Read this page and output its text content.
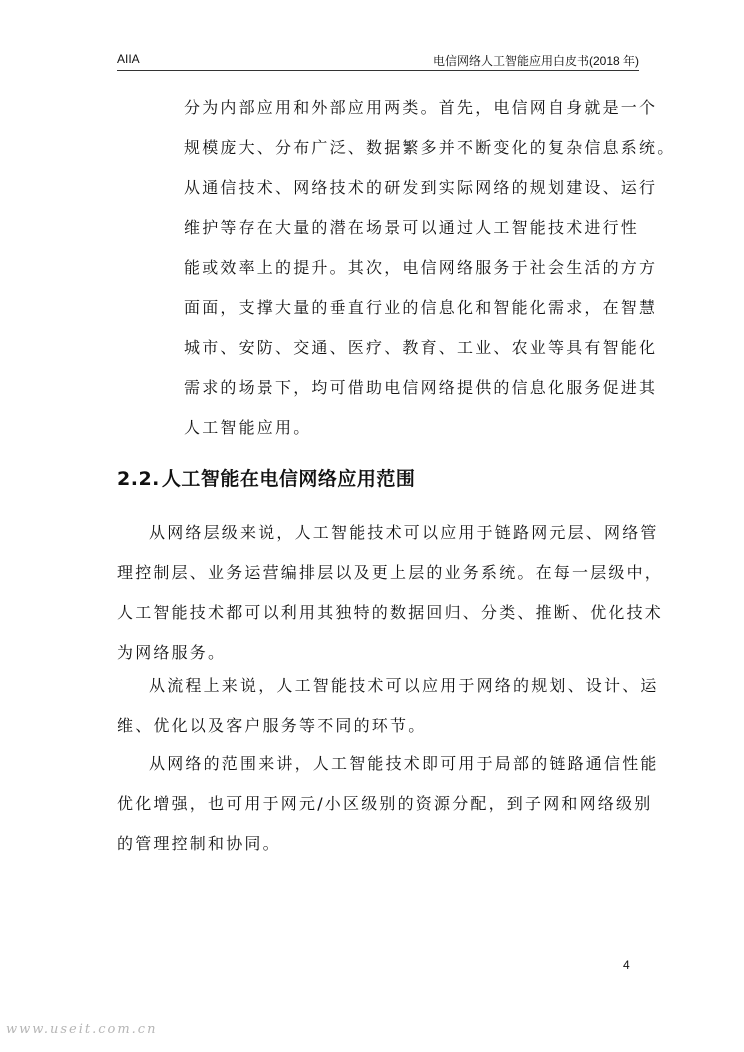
AIIA	电信网络人工智能应用白皮书(2018 年)
分为内部应用和外部应用两类。首先，电信网自身就是一个
规模庞大、分布广泛、数据繁多并不断变化的复杂信息系统。
从通信技术、网络技术的研发到实际网络的规划建设、运行
维护等存在大量的潜在场景可以通过人工智能技术进行性
能或效率上的提升。其次，电信网络服务于社会生活的方方
面面，支撑大量的垂直行业的信息化和智能化需求，在智慧
城市、安防、交通、医疗、教育、工业、农业等具有智能化
需求的场景下，均可借助电信网络提供的信息化服务促进其
人工智能应用。
2.2. 人工智能在电信网络应用范围
从网络层级来说，人工智能技术可以应用于链路网元层、网络管
理控制层、业务运营编排层以及更上层的业务系统。在每一层级中，
人工智能技术都可以利用其独特的数据回归、分类、推断、优化技术
为网络服务。
从流程上来说，人工智能技术可以应用于网络的规划、设计、运
维、优化以及客户服务等不同的环节。
从网络的范围来讲，人工智能技术即可用于局部的链路通信性能
优化增强，也可用于网元/小区级别的资源分配，到子网和网络级别
的管理控制和协同。
4
www.useit.com.cn
